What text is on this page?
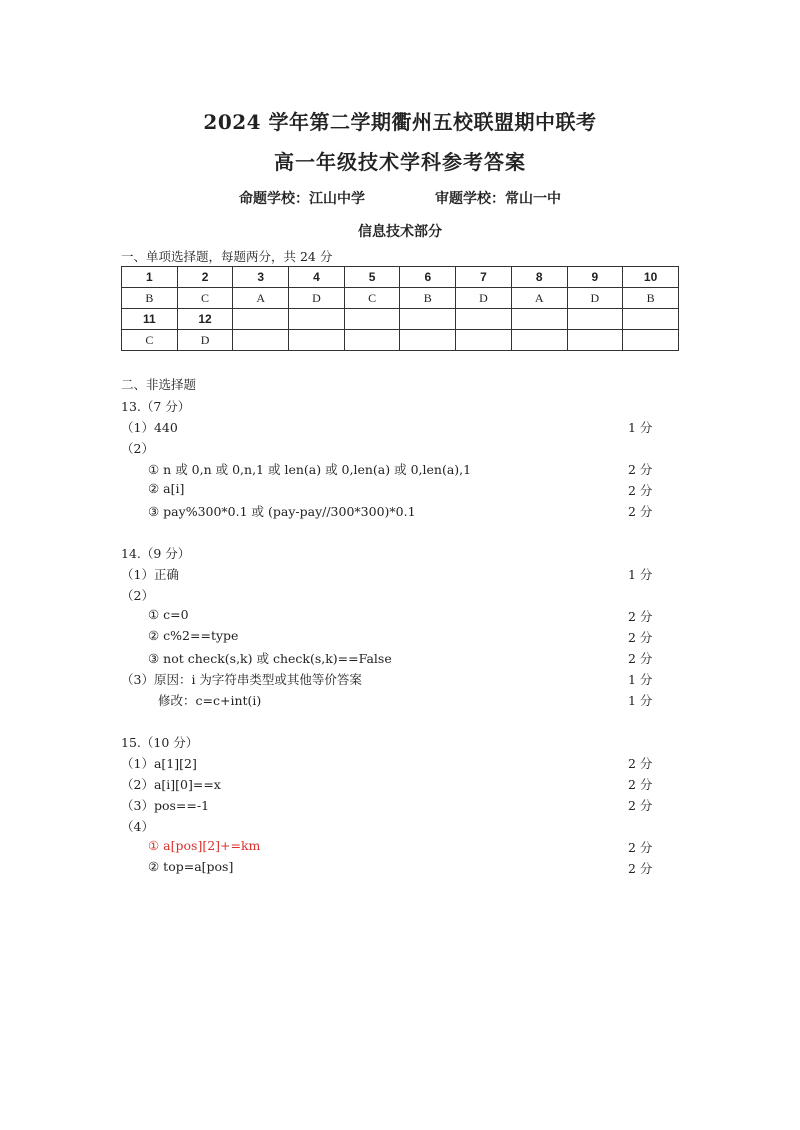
2024 学年第二学期衢州五校联盟期中联考
高一年级技术学科参考答案
命题学校：江山中学	审题学校：常山一中
信息技术部分
一、单项选择题，每题两分，共 24 分
1	2	3	4	5	6	7	8	9	10
B	C	A	D	C	B	D	A	D	B
11	12								
C	D								
二、非选择题
13.（7 分）
（1）440	1 分
（2）
① n 或 0,n 或 0,n,1 或 len(a) 或 0,len(a) 或 0,len(a),1	2 分
② a[i]	2 分
③ pay%300*0.1 或 (pay-pay//300*300)*0.1	2 分
14.（9 分）
（1）正确	1 分
（2）
① c=0	2 分
② c%2==type	2 分
③ not check(s,k) 或 check(s,k)==False	2 分
（3）原因：i 为字符串类型或其他等价答案	1 分
修改：c=c+int(i)	1 分
15.（10 分）
（1）a[1][2]	2 分
（2）a[i][0]==x	2 分
（3）pos==-1	2 分
（4）
① a[pos][2]+=km	2 分
② top=a[pos]	2 分
